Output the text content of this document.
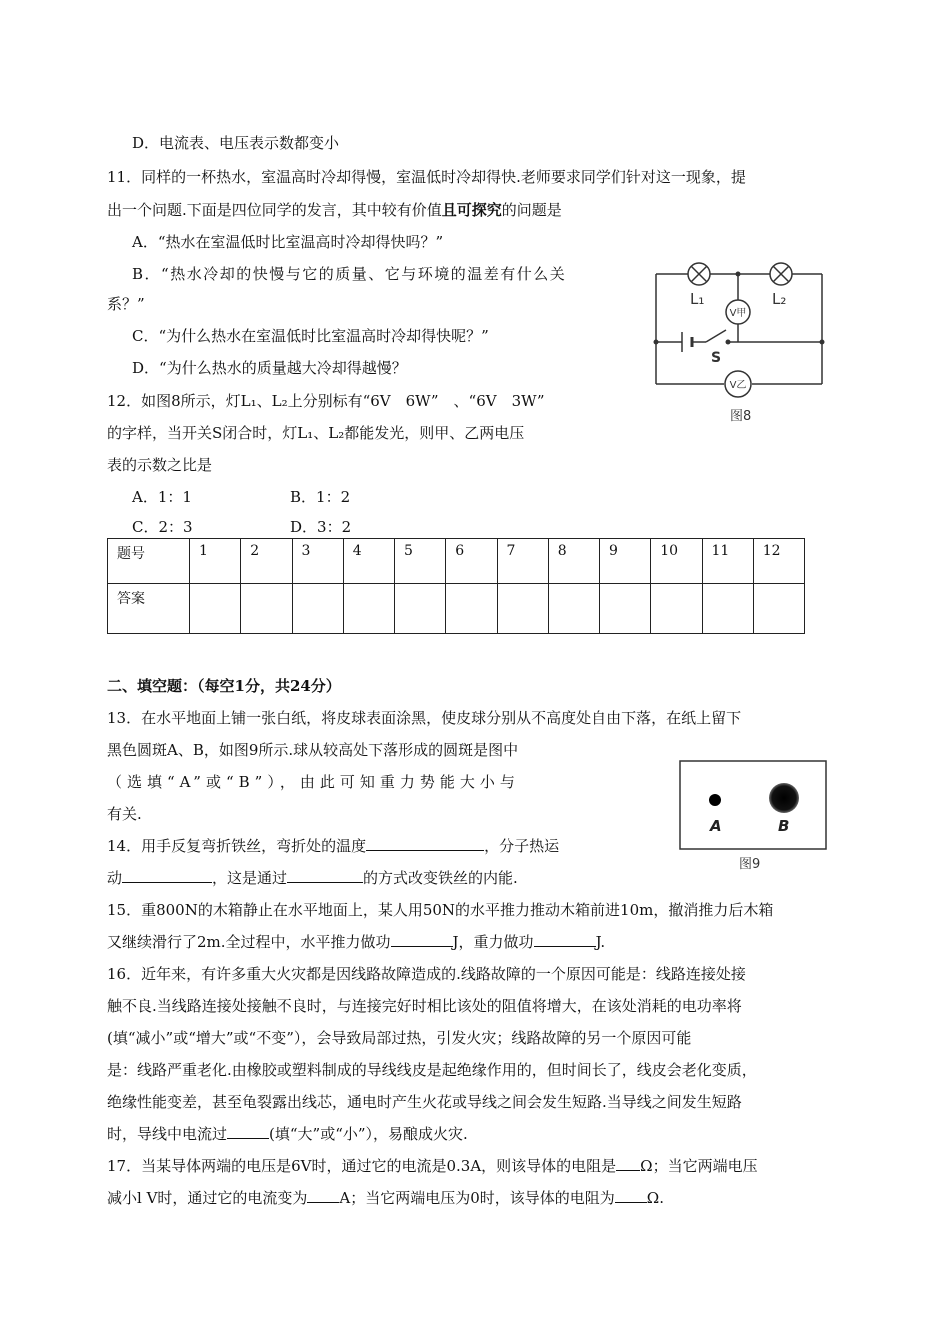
D．电流表、电压表示数都变小
11．同样的一杯热水，室温高时冷却得慢，室温低时冷却得快.老师要求同学们针对这一现象，提
出一个问题.下面是四位同学的发言，其中较有价值且可探究的问题是
A．“热水在室温低时比室温高时冷却得快吗？”
B．“热水冷却的快慢与它的质量、它与环境的温差有什么关
系？”
C．“为什么热水在室温低时比室温高时冷却得快呢？”
D．“为什么热水的质量越大冷却得越慢？
12．如图8所示，灯L₁、L₂上分别标有“6V　6W”　、“6V　3W”
的字样，当开关S闭合时，灯L₁、L₂都能发光，则甲、乙两电压
表的示数之比是
A．1：1	B．1：2
C．2：3	D．3：2
V甲
V乙
L₁	L₂
S
图8
题号	1	2	3	4	5	6	7	8	9	10	11	12
答案												
二、填空题：（每空1分，共24分）
13．在水平地面上铺一张白纸，将皮球表面涂黑，使皮球分别从不高度处自由下落，在纸上留下
黑色圆斑A、B，如图9所示.球从较高处下落形成的圆斑是图中
（选填“A”或“B”），由此可知重力势能大小与
有关.
A	B
图9
14．用手反复弯折铁丝，弯折处的温度	，分子热运
动	，这是通过	的方式改变铁丝的内能.
15．重800N的木箱静止在水平地面上，某人用50N的水平推力推动木箱前进10m，撤消推力后木箱
又继续滑行了2m.全过程中，水平推力做功	J，重力做功	J.
16．近年来，有许多重大火灾都是因线路故障造成的.线路故障的一个原因可能是：线路连接处接
触不良.当线路连接处接触不良时，与连接完好时相比该处的阻值将增大，在该处消耗的电功率将
(填“减小”或“增大”或“不变”），会导致局部过热，引发火灾；线路故障的另一个原因可能
是：线路严重老化.由橡胶或塑料制成的导线线皮是起绝缘作用的，但时间长了，线皮会老化变质，
绝缘性能变差，甚至龟裂露出线芯，通电时产生火花或导线之间会发生短路.当导线之间发生短路
时，导线中电流过	(填“大”或“小”），易酿成火灾.
17．当某导体两端的电压是6V时，通过它的电流是0.3A，则该导体的电阻是 Ω；当它两端电压
减小l V时，通过它的电流变为 A；当它两端电压为0时，该导体的电阻为 Ω.
